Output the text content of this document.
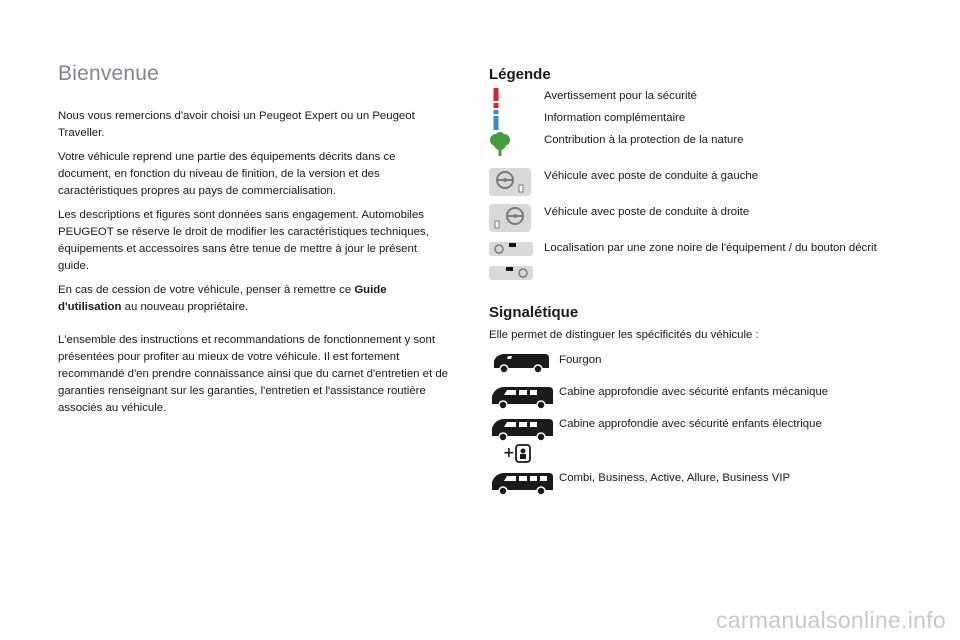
Bienvenue

Nous vous remercions d'avoir choisi un Peugeot Expert ou un Peugeot Traveller.

Votre véhicule reprend une partie des équipements décrits dans ce document, en fonction du niveau de finition, de la version et des caractéristiques propres au pays de commercialisation.

Les descriptions et figures sont données sans engagement. Automobiles PEUGEOT se réserve le droit de modifier les caractéristiques techniques, équipements et accessoires sans être tenue de mettre à jour le présent guide.

En cas de cession de votre véhicule, penser à remettre ce Guide d'utilisation au nouveau propriétaire.

L'ensemble des instructions et recommandations de fonctionnement y sont présentées pour profiter au mieux de votre véhicule. Il est fortement recommandé d'en prendre connaissance ainsi que du carnet d'entretien et de garanties renseignant sur les garanties, l'entretien et l'assistance routière associés au véhicule.

Légende
Avertissement pour la sécurité
Information complémentaire
Contribution à la protection de la nature
Véhicule avec poste de conduite à gauche
Véhicule avec poste de conduite à droite
Localisation par une zone noire de l'équipement / du bouton décrit
Signalétique
Elle permet de distinguer les spécificités du véhicule :
Fourgon
Cabine approfondie avec sécurité enfants mécanique
+
Cabine approfondie avec sécurité enfants électrique
Combi, Business, Active, Allure, Business VIP
carmanualsonline.info
